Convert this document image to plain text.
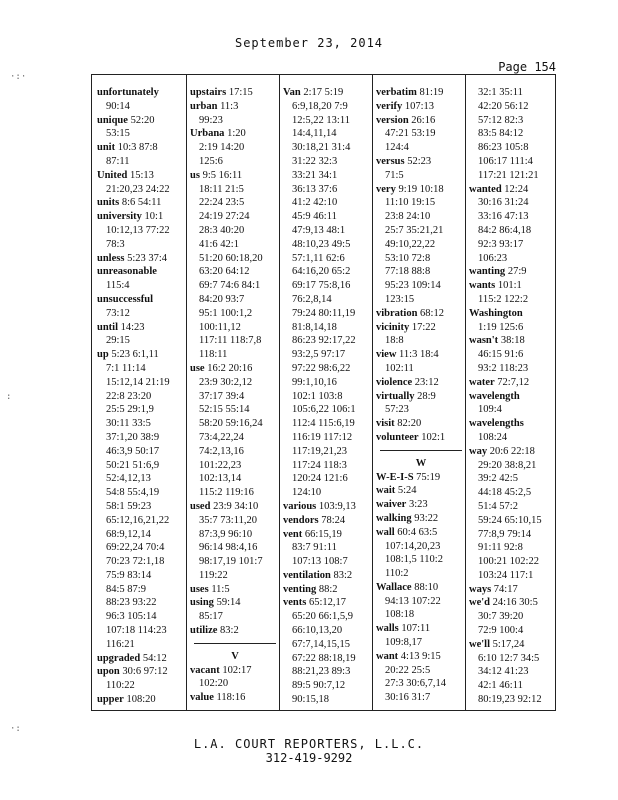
September 23, 2014
Page 154
·:·
:
·:
unfortunately
90:14
unique 52:20
53:15
unit 10:3 87:8
87:11
United 15:13
21:20,23 24:22
units 8:6 54:11
university 10:1
10:12,13 77:22
78:3
unless 5:23 37:4
unreasonable
115:4
unsuccessful
73:12
until 14:23
29:15
up 5:23 6:1,11
7:1 11:14
15:12,14 21:19
22:8 23:20
25:5 29:1,9
30:11 33:5
37:1,20 38:9
46:3,9 50:17
50:21 51:6,9
52:4,12,13
54:8 55:4,19
58:1 59:23
65:12,16,21,22
68:9,12,14
69:22,24 70:4
70:23 72:1,18
75:9 83:14
84:5 87:9
88:23 93:22
96:3 105:14
107:18 114:23
116:21
upgraded 54:12
upon 30:6 97:12
110:22
upper 108:20
upstairs 17:15
urban 11:3
99:23
Urbana 1:20
2:19 14:20
125:6
us 9:5 16:11
18:11 21:5
22:24 23:5
24:19 27:24
28:3 40:20
41:6 42:1
51:20 60:18,20
63:20 64:12
69:7 74:6 84:1
84:20 93:7
95:1 100:1,2
100:11,12
117:11 118:7,8
118:11
use 16:2 20:16
23:9 30:2,12
37:17 39:4
52:15 55:14
58:20 59:16,24
73:4,22,24
74:2,13,16
101:22,23
102:13,14
115:2 119:16
used 23:9 34:10
35:7 73:11,20
87:3,9 96:10
96:14 98:4,16
98:17,19 101:7
119:22
uses 11:5
using 59:14
85:17
utilize 83:2
V
vacant 102:17
102:20
value 118:16
Van 2:17 5:19
6:9,18,20 7:9
12:5,22 13:11
14:4,11,14
30:18,21 31:4
31:22 32:3
33:21 34:1
36:13 37:6
41:2 42:10
45:9 46:11
47:9,13 48:1
48:10,23 49:5
57:1,11 62:6
64:16,20 65:2
69:17 75:8,16
76:2,8,14
79:24 80:11,19
81:8,14,18
86:23 92:17,22
93:2,5 97:17
97:22 98:6,22
99:1,10,16
102:1 103:8
105:6,22 106:1
112:4 115:6,19
116:19 117:12
117:19,21,23
117:24 118:3
120:24 121:6
124:10
various 103:9,13
vendors 78:24
vent 66:15,19
83:7 91:11
107:13 108:7
ventilation 83:2
venting 88:2
vents 65:12,17
65:20 66:1,5,9
66:10,13,20
67:7,14,15,15
67:22 88:18,19
88:21,23 89:3
89:5 90:7,12
90:15,18
verbatim 81:19
verify 107:13
version 26:16
47:21 53:19
124:4
versus 52:23
71:5
very 9:19 10:18
11:10 19:15
23:8 24:10
25:7 35:21,21
49:10,22,22
53:10 72:8
77:18 88:8
95:23 109:14
123:15
vibration 68:12
vicinity 17:22
18:8
view 11:3 18:4
102:11
violence 23:12
virtually 28:9
57:23
visit 82:20
volunteer 102:1
W
W-E-I-S 75:19
wait 5:24
waiver 3:23
walking 93:22
wall 60:4 63:5
107:14,20,23
108:1,5 110:2
110:2
Wallace 88:10
94:13 107:22
108:18
walls 107:11
109:8,17
want 4:13 9:15
20:22 25:5
27:3 30:6,7,14
30:16 31:7
32:1 35:11
42:20 56:12
57:12 82:3
83:5 84:12
86:23 105:8
106:17 111:4
117:21 121:21
wanted 12:24
30:16 31:24
33:16 47:13
84:2 86:4,18
92:3 93:17
106:23
wanting 27:9
wants 101:1
115:2 122:2
Washington
1:19 125:6
wasn't 38:18
46:15 91:6
93:2 118:23
water 72:7,12
wavelength
109:4
wavelengths
108:24
way 20:6 22:18
29:20 38:8,21
39:2 42:5
44:18 45:2,5
51:4 57:2
59:24 65:10,15
77:8,9 79:14
91:11 92:8
100:21 102:22
103:24 117:1
ways 74:17
we'd 24:16 30:5
30:7 39:20
72:9 100:4
we'll 5:17,24
6:10 12:7 34:5
34:12 41:23
42:1 46:11
80:19,23 92:12
L.A. COURT REPORTERS, L.L.C.
312-419-9292
